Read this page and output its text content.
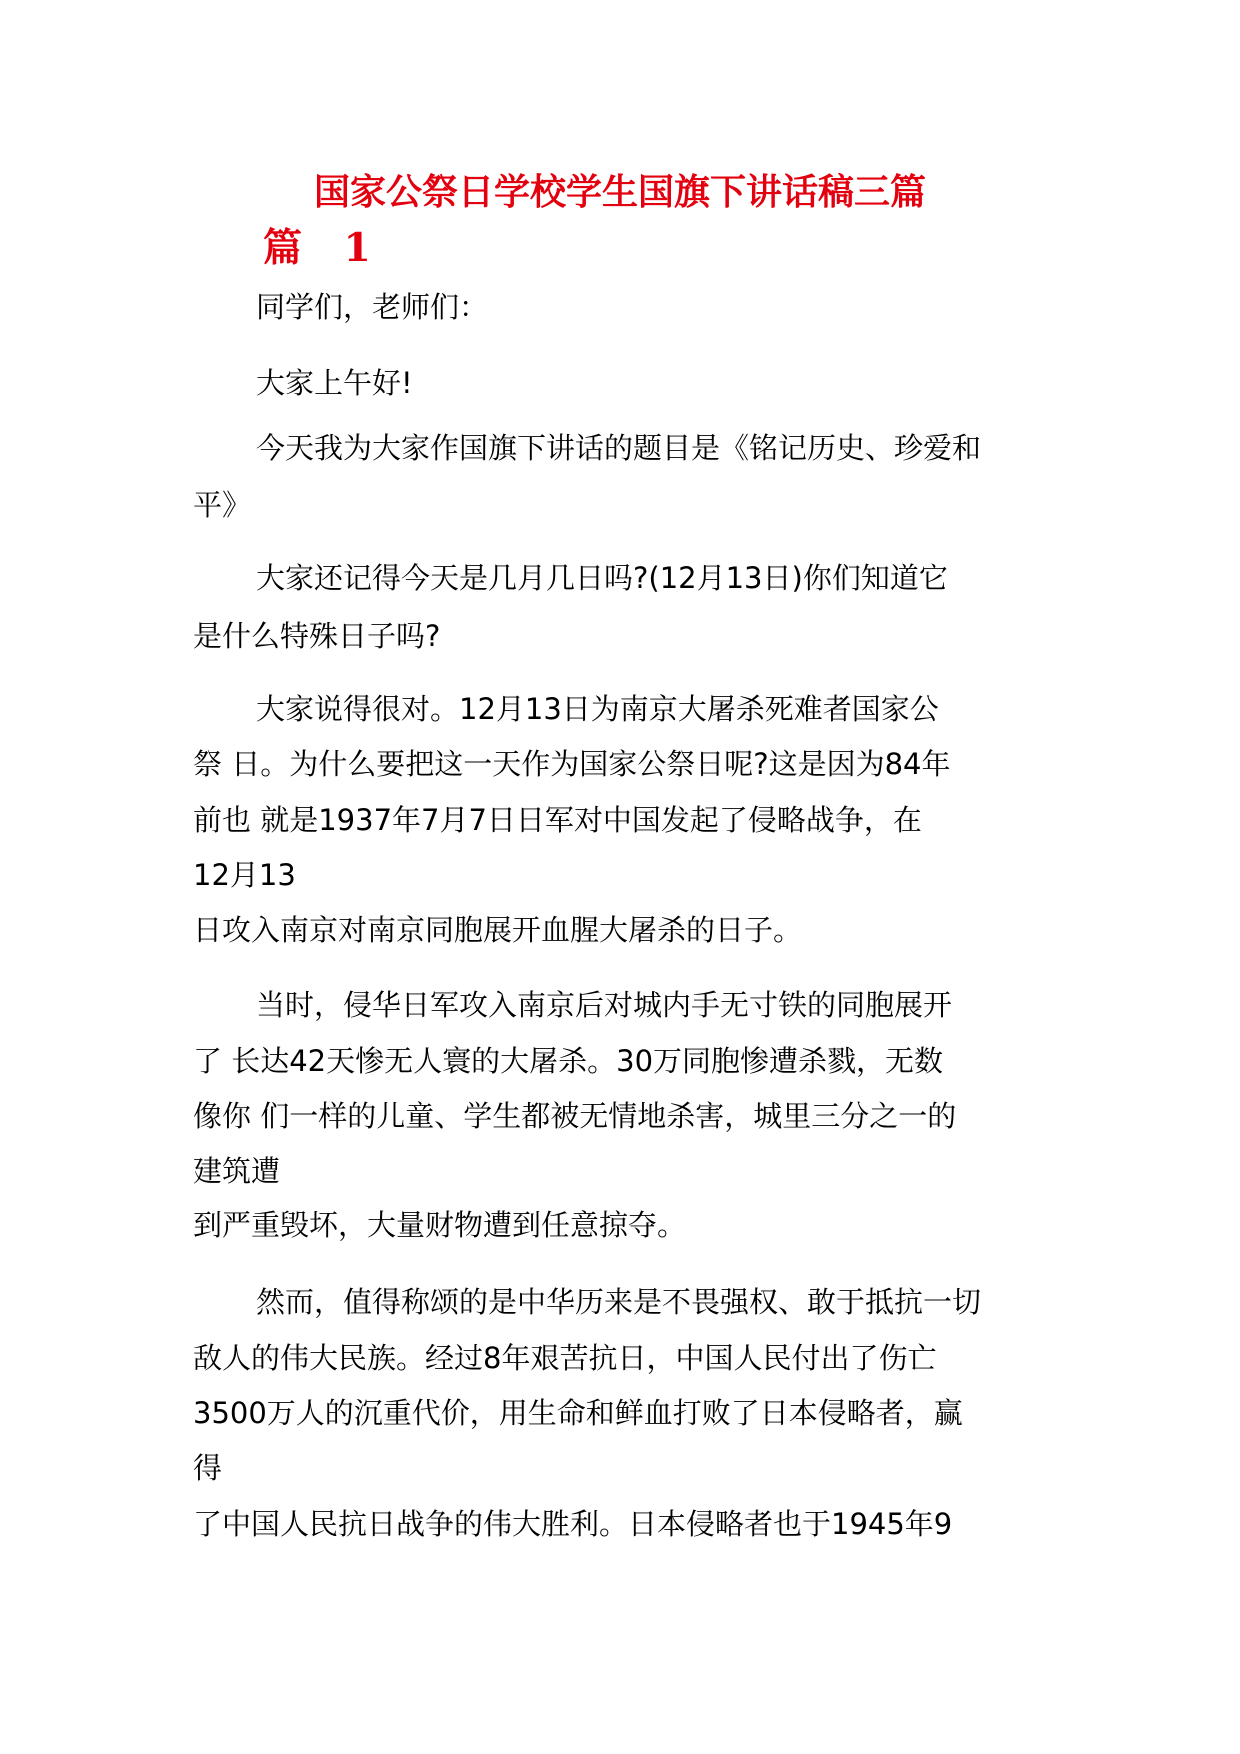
国家公祭日学校学生国旗下讲话稿三篇
篇 1
同学们，老师们：
大家上午好!
今天我为大家作国旗下讲话的题目是《铭记历史、珍爱和
平》
大家还记得今天是几月几日吗?(12月13日)你们知道它
是什么特殊日子吗?
大家说得很对。12月13日为南京大屠杀死难者国家公
祭 日。为什么要把这一天作为国家公祭日呢?这是因为84年
前也 就是1937年7月7日日军对中国发起了侵略战争，在
12月13
日攻入南京对南京同胞展开血腥大屠杀的日子。
当时，侵华日军攻入南京后对城内手无寸铁的同胞展开
了 长达42天惨无人寰的大屠杀。30万同胞惨遭杀戮，无数
像你 们一样的儿童、学生都被无情地杀害，城里三分之一的
建筑遭
到严重毁坏，大量财物遭到任意掠夺。
然而，值得称颂的是中华历来是不畏强权、敢于抵抗一切
敌人的伟大民族。经过8年艰苦抗日，中国人民付出了伤亡
3500万人的沉重代价，用生命和鲜血打败了日本侵略者，赢
得
了中国人民抗日战争的伟大胜利。日本侵略者也于1945年9
